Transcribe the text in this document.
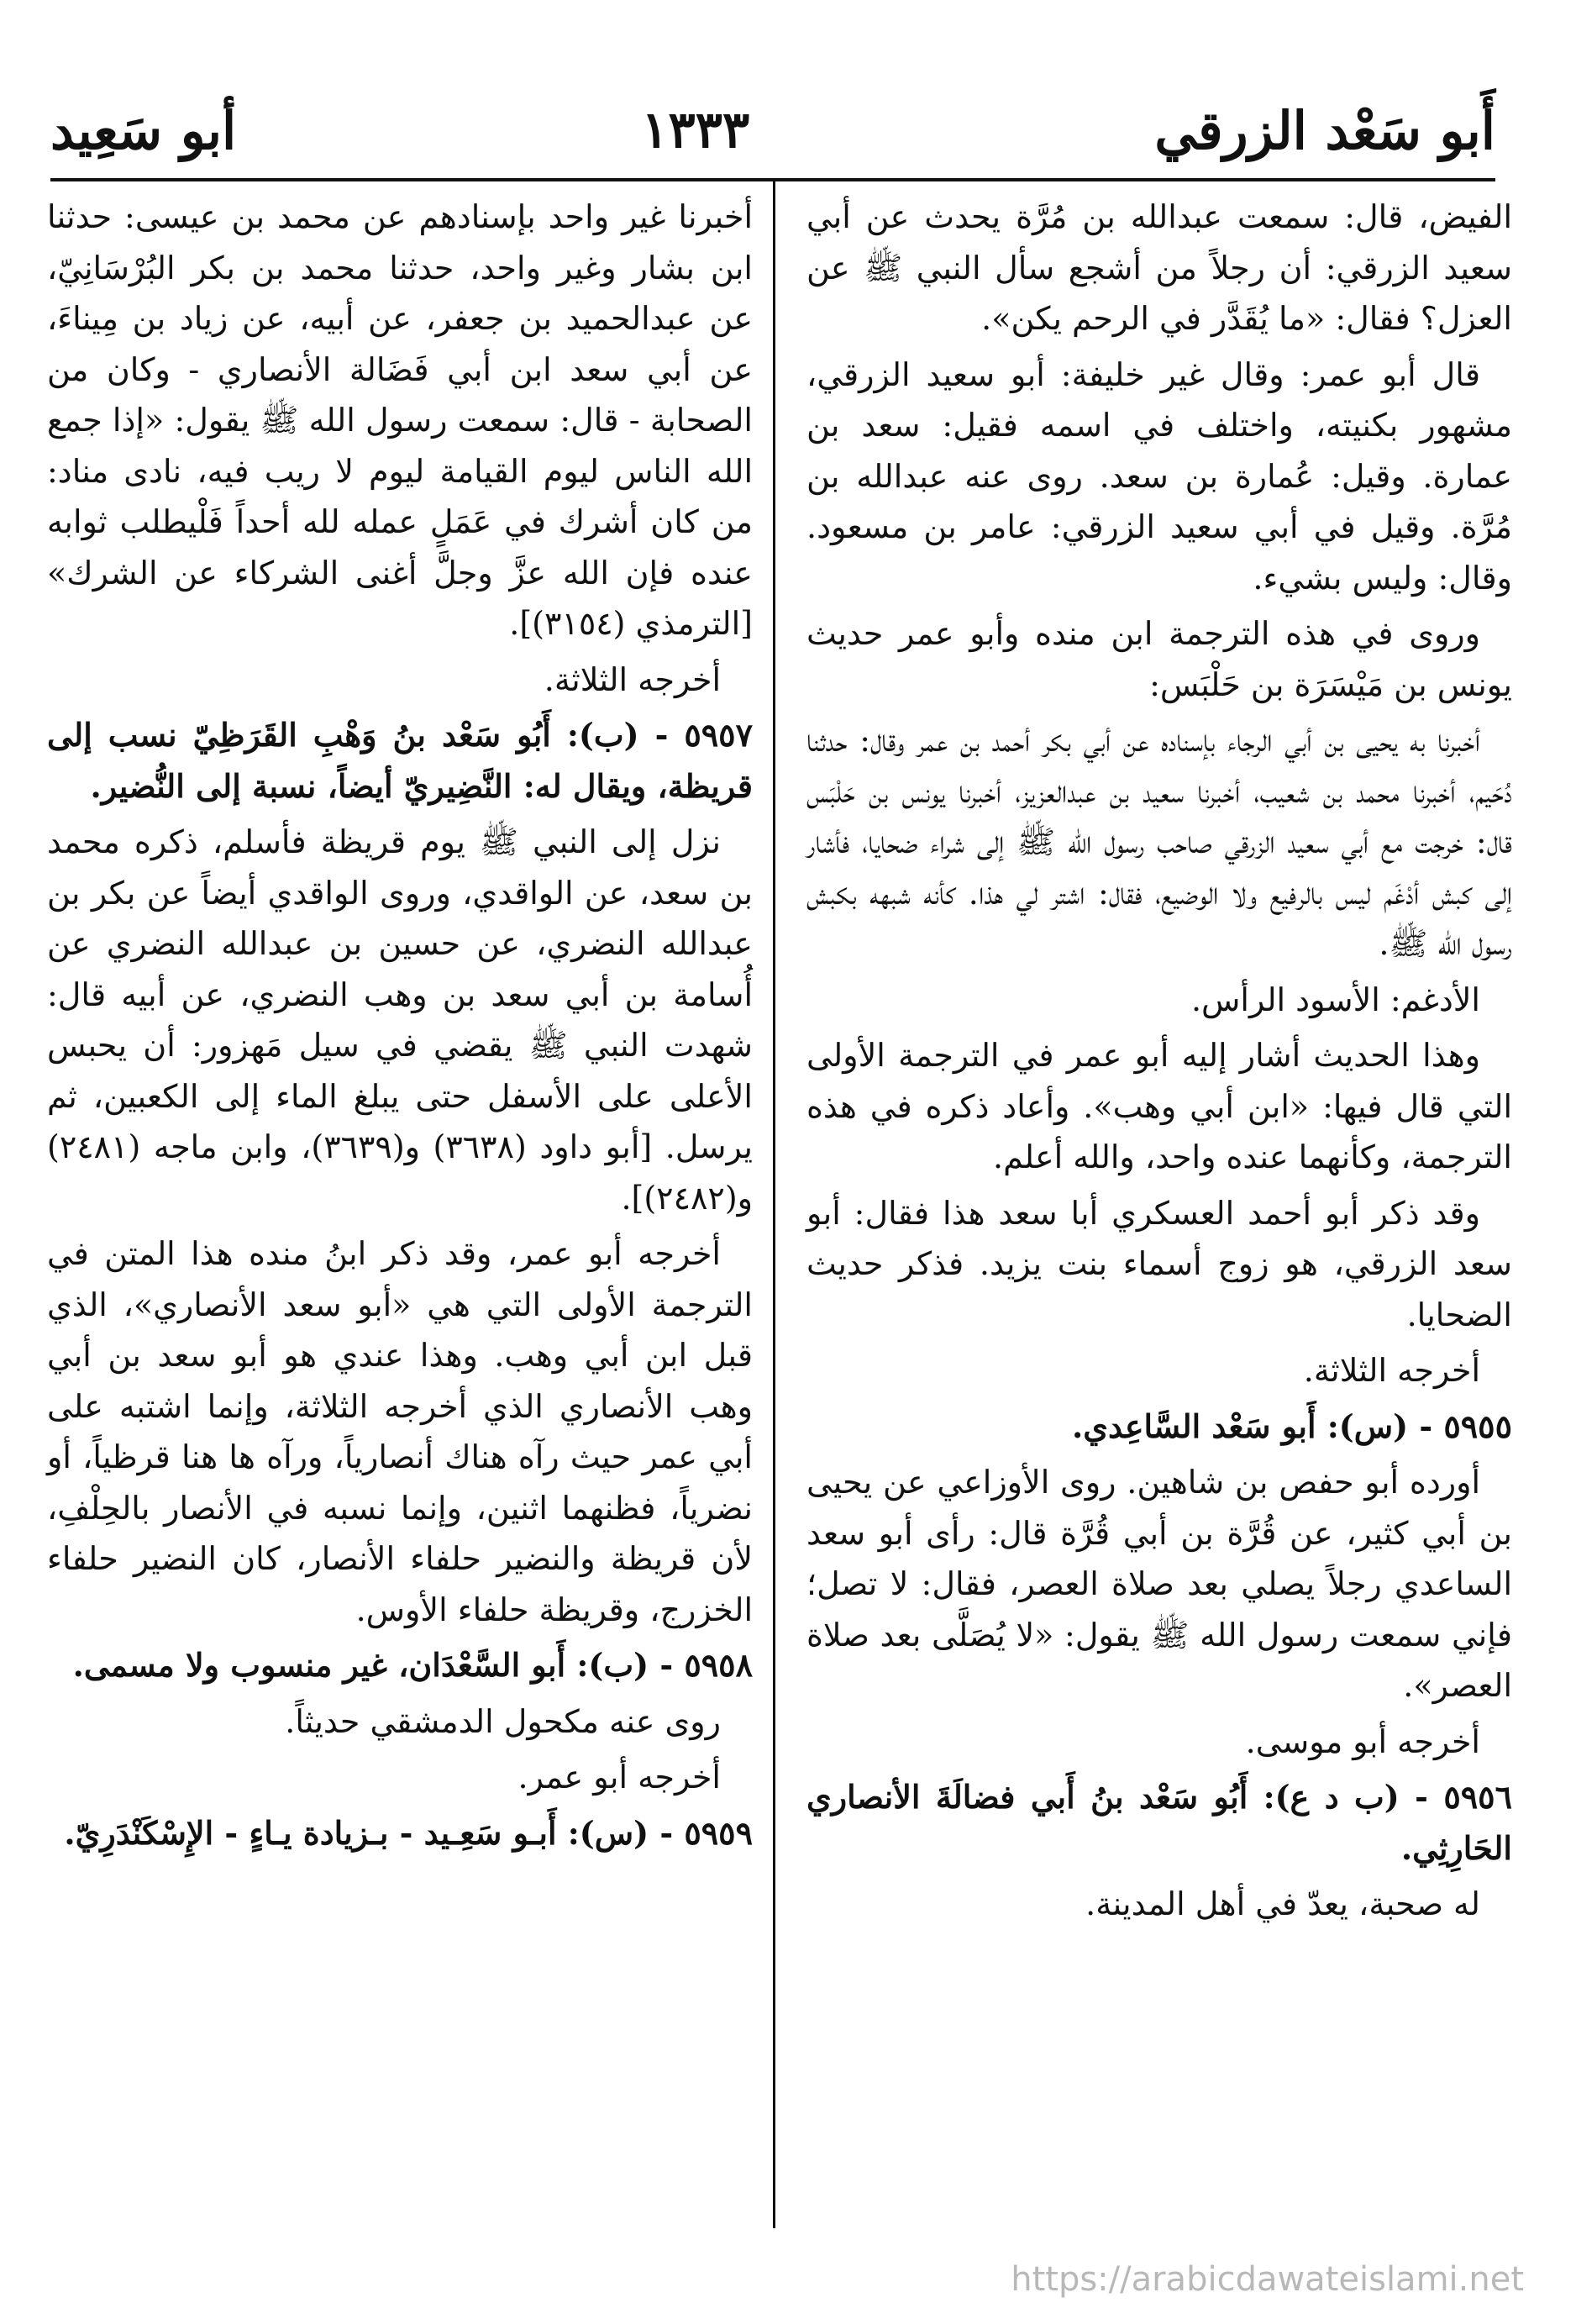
أَبو سَعْد الزرقي
١٣٣٣
أبو سَعِيد

الفيض، قال: سمعت عبدالله بن مُرَّة يحدث عن أبي سعيد الزرقي: أن رجلاً من أشجع سأل النبي ﷺ عن العزل؟ فقال: «ما يُقَدَّر في الرحم يكن».

قال أبو عمر: وقال غير خليفة: أبو سعيد الزرقي، مشهور بكنيته، واختلف في اسمه فقيل: سعد بن عمارة. وقيل: عُمارة بن سعد. روى عنه عبدالله بن مُرَّة. وقيل في أبي سعيد الزرقي: عامر بن مسعود. وقال: وليس بشيء.

وروى في هذه الترجمة ابن منده وأبو عمر حديث يونس بن مَيْسَرَة بن حَلْبَس:

أخبرنا به يحيى بن أبي الرجاء بإسناده عن أبي بكر أحمد بن عمر وقال: حدثنا دُحَيم، أخبرنا محمد بن شعيب، أخبرنا سعيد بن عبدالعزيز، أخبرنا يونس بن حَلْبَس قال: خرجت مع أبي سعيد الزرقي صاحب رسول الله ﷺ إلى شراء ضحايا، فأشار إلى كبش أدْغَم ليس بالرفيع ولا الوضيع، فقال: اشتر لي هذا. كأنه شبهه بكبش رسول الله ﷺ.

الأدغم: الأسود الرأس.

وهذا الحديث أشار إليه أبو عمر في الترجمة الأولى التي قال فيها: «ابن أبي وهب». وأعاد ذكره في هذه الترجمة، وكأنهما عنده واحد، والله أعلم.

وقد ذكر أبو أحمد العسكري أبا سعد هذا فقال: أبو سعد الزرقي، هو زوج أسماء بنت يزيد. فذكر حديث الضحايا.

أخرجه الثلاثة.

٥٩٥٥ - (س): أَبو سَعْد السَّاعِدي.

أورده أبو حفص بن شاهين. روى الأوزاعي عن يحيى بن أبي كثير، عن قُرَّة بن أبي قُرَّة قال: رأى أبو سعد الساعدي رجلاً يصلي بعد صلاة العصر، فقال: لا تصل؛ فإني سمعت رسول الله ﷺ يقول: «لا يُصَلَّى بعد صلاة العصر».

أخرجه أبو موسى.

٥٩٥٦ - (ب د ع): أَبُو سَعْد بنُ أَبي فضالَةَ الأنصاري الحَارِثِي.

له صحبة، يعدّ في أهل المدينة.

أخبرنا غير واحد بإسنادهم عن محمد بن عيسى: حدثنا ابن بشار وغير واحد، حدثنا محمد بن بكر البُرْسَانِيّ، عن عبدالحميد بن جعفر، عن أبيه، عن زياد بن مِيناءَ، عن أبي سعد ابن أبي فَضَالة الأنصاري - وكان من الصحابة - قال: سمعت رسول الله ﷺ يقول: «إذا جمع الله الناس ليوم القيامة ليوم لا ريب فيه، نادى مناد: من كان أشرك في عَمَلٍ عمله لله أحداً فَلْيطلب ثوابه عنده فإن الله عزَّ وجلَّ أغنى الشركاء عن الشرك» [الترمذي (٣١٥٤)].

أخرجه الثلاثة.

٥٩٥٧ - (ب): أَبُو سَعْد بنُ وَهْبِ القَرَظِيّ نسب إلى قريظة، ويقال له: النَّضِيريّ أيضاً، نسبة إلى النُّضير.

نزل إلى النبي ﷺ يوم قريظة فأسلم، ذكره محمد بن سعد، عن الواقدي، وروى الواقدي أيضاً عن بكر بن عبدالله النضري، عن حسين بن عبدالله النضري عن أُسامة بن أبي سعد بن وهب النضري، عن أبيه قال: شهدت النبي ﷺ يقضي في سيل مَهزور: أن يحبس الأعلى على الأسفل حتى يبلغ الماء إلى الكعبين، ثم يرسل. [أبو داود (٣٦٣٨) و(٣٦٣٩)، وابن ماجه (٢٤٨١) و(٢٤٨٢)].

أخرجه أبو عمر، وقد ذكر ابنُ منده هذا المتن في الترجمة الأولى التي هي «أبو سعد الأنصاري»، الذي قبل ابن أبي وهب. وهذا عندي هو أبو سعد بن أبي وهب الأنصاري الذي أخرجه الثلاثة، وإنما اشتبه على أبي عمر حيث رآه هناك أنصارياً، ورآه ها هنا قرظياً، أو نضرياً، فظنهما اثنين، وإنما نسبه في الأنصار بالحِلْفِ، لأن قريظة والنضير حلفاء الأنصار، كان النضير حلفاء الخزرج، وقريظة حلفاء الأوس.

٥٩٥٨ - (ب): أَبو السَّعْدَان، غير منسوب ولا مسمى.

روى عنه مكحول الدمشقي حديثاً.

أخرجه أبو عمر.

٥٩٥٩ - (س): أَبـو سَعِـيد - بـزيادة يـاءٍ - الإِسْكَنْدَرِيّ.

https://arabicdawateislami.net
